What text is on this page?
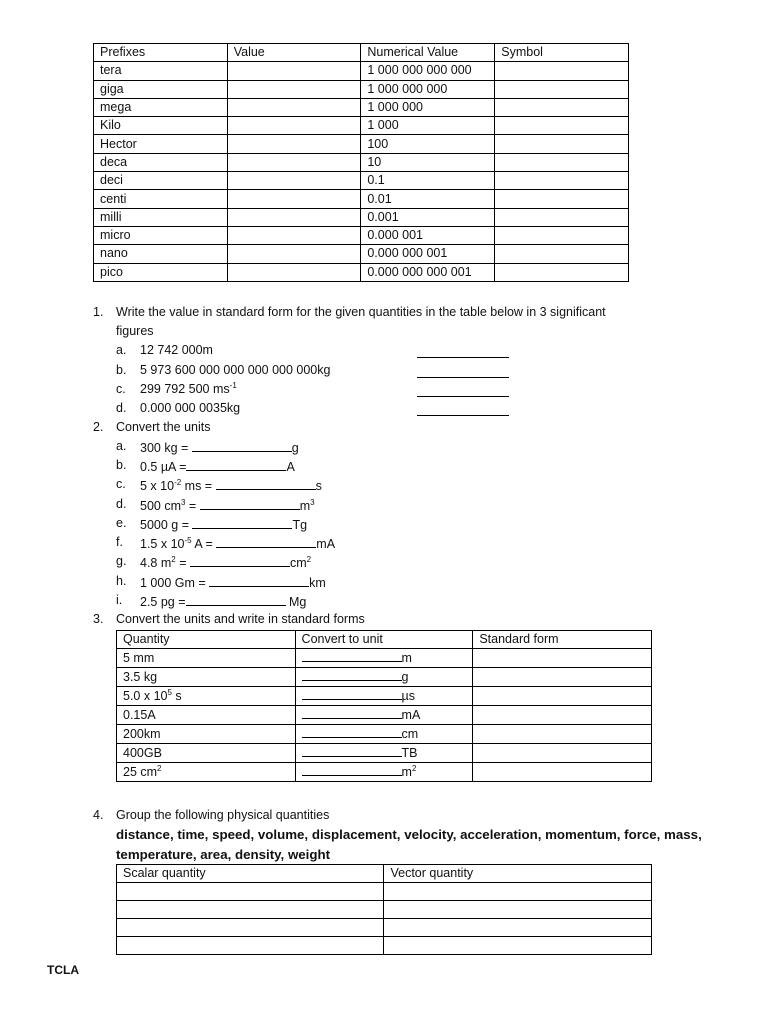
Prefixes	Value	Numerical Value	Symbol
tera		1 000 000 000 000	
giga		1 000 000 000	
mega		1 000 000	
Kilo		1 000	
Hector		100	
deca		10	
deci		0.1	
centi		0.01	
milli		0.001	
micro		0.000 001	
nano		0.000 000 001	
pico		0.000 000 000 001	
1. Write the value in standard form for the given quantities in the table below in 3 significant
figures
a. 12 742 000m
b. 5 973 600 000 000 000 000 000kg
c. 299 792 500 $ms^{-1}$
d. 0.000 000 0035kg
2. Convert the units
a. 300 kg =	g
b. 0.5 µA =	A
c. 5 x $10^{-2}$ ms =	s
d. 500 $cm^3$ =	$m^3$
e. 5000 g =	Tg
f. 1.5 x $10^{-5}$ A =	mA
g. 4.8 $m^2$ =	$cm^2$
h. 1 000 Gm =	km
i. 2.5 pg =	Mg
3. Convert the units and write in standard forms
Quantity	Convert to unit	Standard form
5 mm	m	
3.5 kg	g	
5.0 x $10^5$ s	µs	
0.15A	mA	
200km	cm	
400GB	TB	
25 $cm^2$	$m^2$	
4. Group the following physical quantities
distance, time, speed, volume, displacement, velocity, acceleration, momentum, force, mass,
temperature, area, density, weight
Scalar quantity	Vector quantity

TCLA
